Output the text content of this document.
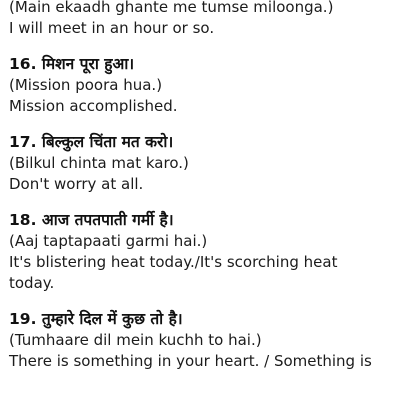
(Main ekaadh ghante me tumse miloonga.)
I will meet in an hour or so.
16. मिशन पूरा हुआ।
(Mission poora hua.)
Mission accomplished.
17. बिल्कुल चिंता मत करो।
(Bilkul chinta mat karo.)
Don't worry at all.
18. आज तपतपाती गर्मी है।
(Aaj taptapaati garmi hai.)
It's blistering heat today./It's scorching heat
today.
19. तुम्हारे दिल में कुछ तो है।
(Tumhaare dil mein kuchh to hai.)
There is something in your heart. / Something is
